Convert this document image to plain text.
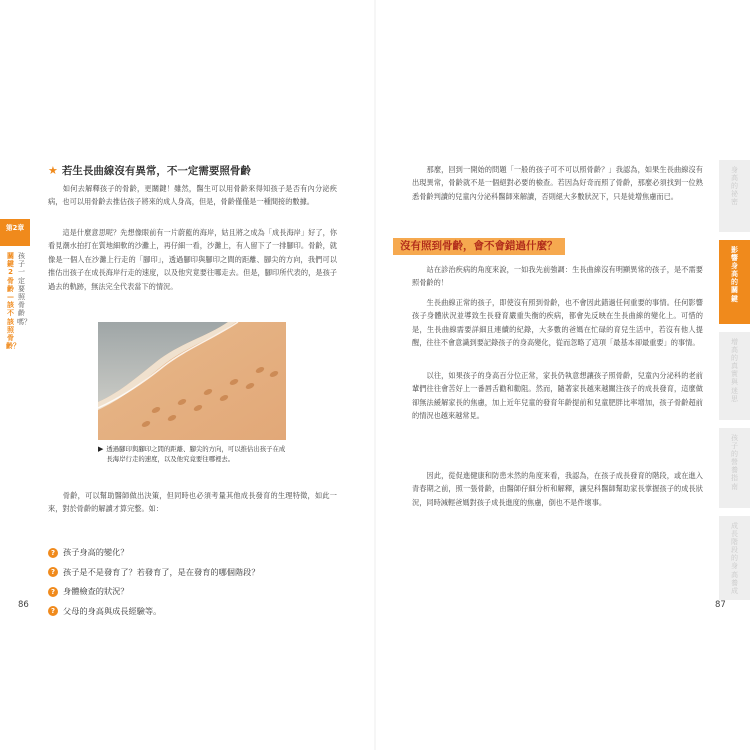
第2章
關鍵2骨齡—該不該照骨齡？
孩子一定要照骨齡嗎？
★ 若生長曲線沒有異常，不一定需要照骨齡
　　如何去解釋孩子的骨齡，更關鍵！雖然，醫生可以用骨齡來得知孩子是否有內分泌疾病，也可以用骨齡去推估孩子將來的成人身高，但是，骨齡僅僅是一種間接的數據。
　　這是什麼意思呢？先想像眼前有一片蔚藍的海岸，姑且將之成為「成長海岸」好了，你看見潮水拍打在質地細軟的沙灘上，再仔細一看，沙灘上，有人留下了一排腳印。骨齡，就像是一個人在沙灘上行走的「腳印」，透過腳印與腳印之間的距離、腳尖的方向，我們可以推估出孩子在成長海岸行走的速度，以及他究竟要往哪走去。但是，腳印所代表的，是孩子過去的軌跡，無法完全代表當下的情況。
▶ 透過腳印與腳印之間的距離、腳尖的方向，可以推估出孩子在成長海岸行走的速度，以及他究竟要往哪裡去。
　　骨齡，可以幫助醫師做出決策，但同時也必須考量其他成長發育的生理特徵，如此一來，對於骨齡的解讀才算完整。如：
? 孩子身高的變化？
? 孩子是不是發育了？若發育了，是在發育的哪個階段？
? 身體檢查的狀況？
? 父母的身高與成長經驗等。
86
　　那麼，回到一開始的問題「一般的孩子可不可以照骨齡？」我認為，如果生長曲線沒有出現異常，骨齡就不是一個絕對必要的檢查。若因為好奇而照了骨齡，那麼必須找到一位熟悉骨齡判讀的兒童內分泌科醫師來解讀，否則絕大多數狀況下，只是徒增焦慮而已。
沒有照到骨齡，會不會錯過什麼？
　　站在診治疾病的角度來說，一如我先前強調：生長曲線沒有明顯異常的孩子，是不需要照骨齡的！
　　生長曲線正常的孩子，即使沒有照到骨齡，也不會因此錯過任何重要的事情。任何影響孩子身體狀況並導致生長發育嚴重失衡的疾病，都會先反映在生長曲線的變化上。可惜的是，生長曲線需要詳細且連續的紀錄，大多數的爸媽在忙碌的育兒生活中，若沒有他人提醒，往往不會意識到要記錄孩子的身高變化，從而忽略了這項「最基本卻最重要」的事情。
　　以往，如果孩子的身高百分位正常，家長仍執意想讓孩子照骨齡，兒童內分泌科的老前輩們往往會苦好上一番唇舌勸和勸阻。然而，隨著家長越來越關注孩子的成長發育，這麼做卻無法緩解家長的焦慮，加上近年兒童的發育年齡提前和兒童肥胖比率增加，孩子骨齡超前的情況也越來越常見。
　　因此，從促進健康和防患未然的角度來看，我認為，在孩子成長發育的階段，或在進入青春期之前，照一張骨齡，由醫師仔細分析和解釋，讓兒科醫師幫助家長掌握孩子的成長狀況，同時減輕爸媽對孩子成長進度的焦慮，倒也不是件壞事。
身高的祕密
影響身高的關鍵
增高的真實與迷思
孩子的營養指南
成長階段的身高養成
87
